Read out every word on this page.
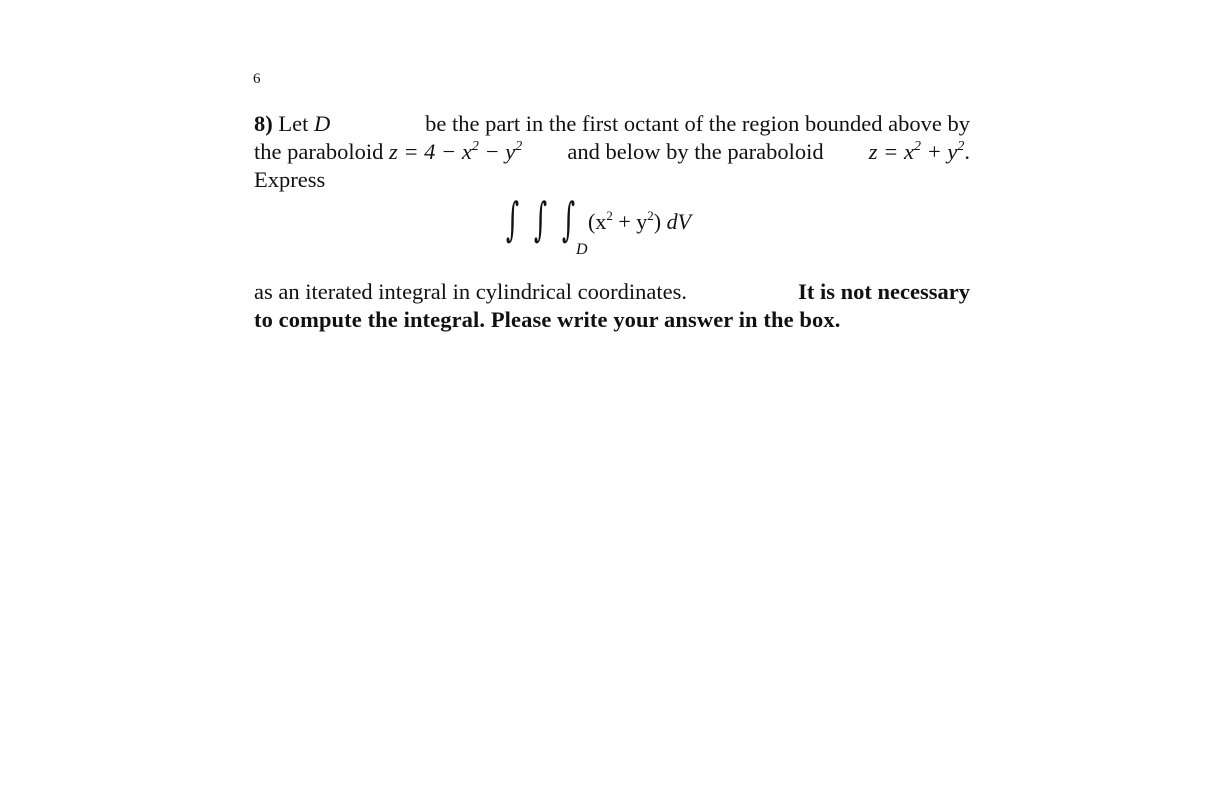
6
8) Let D	be the part in the first octant of the region bounded above by
the paraboloid $z = 4 - x^2 - y^2$ and below by the paraboloid $z = x^2 + y^2$.
Express
∫ ∫ ∫
D
$(x^2 + y^2)$ dV
as an iterated integral in cylindrical coordinates.	It is not necessary
to compute the integral. Please write your answer in the box.
